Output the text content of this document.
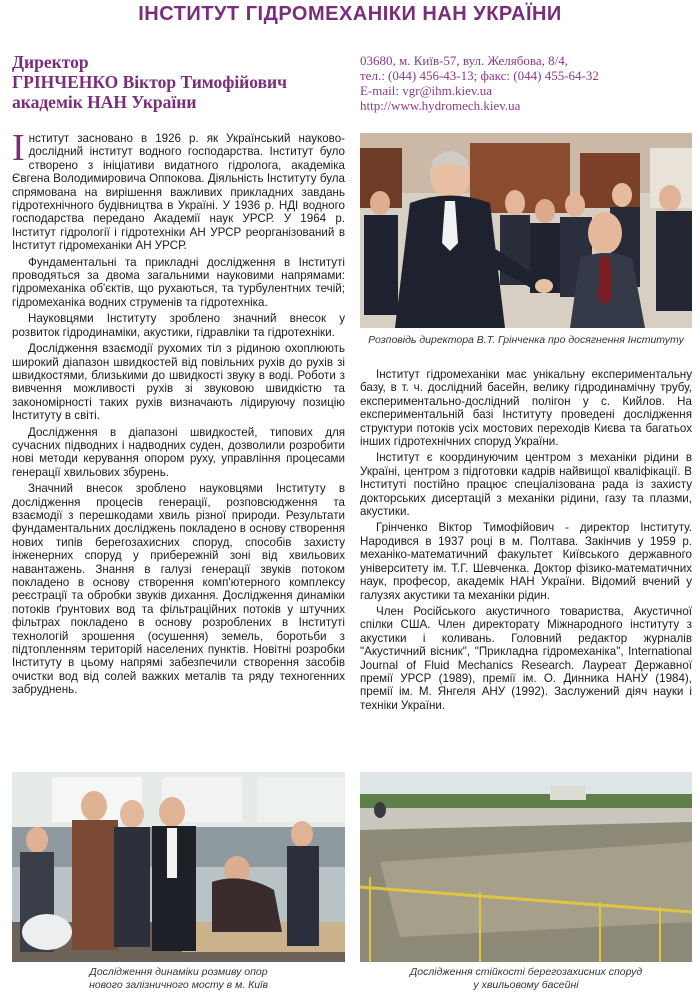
ІНСТИТУТ ГІДРОМЕХАНІКИ НАН УКРАЇНИ
Директор
ГРІНЧЕНКО Віктор Тимофійович
академік НАН України
03680, м. Київ-57, вул. Желябова, 8/4,
тел.: (044) 456-43-13; факс: (044) 455-64-32
E-mail: vgr@ihm.kiev.ua
http://www.hydromech.kiev.ua

Інститут засновано в 1926 р. як Український науково-дослідний інститут водного господарства. Інститут було створено з ініціативи видатного гідролога, академіка Євгена Володимировича Оппокова. Діяльність Інституту була спрямована на вирішення важливих прикладних завдань гідротехнічного будівництва в Україні. У 1936 р. НДІ водного господарства передано Академії наук УРСР. У 1964 р. Інститут гідрології і гідротехніки АН УРСР реорганізований в Інститут гідромеханіки АН УРСР.

Фундаментальні та прикладні дослідження в Інституті проводяться за двома загальними науковими напрямами: гідромеханіка об'єктів, що рухаються, та турбулентних течій; гідромеханіка водних струменів та гідротехніка.

Науковцями Інституту зроблено значний внесок у розвиток гідродинаміки, акустики, гідравліки та гідротехніки.

Дослідження взаємодії рухомих тіл з рідиною охоплюють широкий діапазон швидкостей від повільних рухів до рухів зі швидкостями, близькими до швидкості звуку в воді. Роботи з вивчення можливості рухів зі звуковою швидкістю та закономірності таких рухів визначають лідируючу позицію Інституту в світі.

Дослідження в діапазоні швидкостей, типових для сучасних підводних і надводних суден, дозволили розробити нові методи керування опором руху, управління процесами генерації хвильових збурень.

Значний внесок зроблено науковцями Інституту в дослідження процесів генерації, розповсюдження та взаємодії з перешкодами хвиль різної природи. Результати фундаментальних досліджень покладено в основу створення нових типів берегозахисних споруд, способів захисту інженерних споруд у прибережній зоні від хвильових навантажень. Знання в галузі генерації звуків потоком покладено в основу створення комп'ютерного комплексу реєстрації та обробки звуків дихання. Дослідження динаміки потоків ґрунтових вод та фільтраційних потоків у штучних фільтрах покладено в основу розроблених в Інституті технологій зрошення (осушення) земель, боротьби з підтопленням територій населених пунктів. Новітні розробки Інституту в цьому напрямі забезпечили створення засобів очистки вод від солей важких металів та ряду техногенних забруднень.

Розповідь директора В.Т. Грінченка про досягнення Інституту

Інститут гідромеханіки має унікальну експериментальну базу, в т. ч. дослідний басейн, велику гідродинамічну трубу, експериментально-дослідний полігон у с. Кийлов. На експериментальній базі Інституту проведені дослідження структури потоків усіх мостових переходів Києва та багатьох інших гідротехнічних споруд України.

Інститут є координуючим центром з механіки рідини в Україні, центром з підготовки кадрів найвищої кваліфікації. В Інституті постійно працює спеціалізована рада із захисту докторських дисертацій з механіки рідини, газу та плазми, акустики.

Грінченко Віктор Тимофійович - директор Інституту. Народився в 1937 році в м. Полтава. Закінчив у 1959 р. механіко-математичний факультет Київського державного університету ім. Т.Г. Шевченка. Доктор фізико-математичних наук, професор, академік НАН України. Відомий вчений у галузях акустики та механіки рідин.

Член Російського акустичного товариства, Акустичної спілки США. Член директорату Міжнародного інституту з акустики і коливань. Головний редактор журналів "Акустичний вісник", "Прикладна гідромеханіка", International Journal of Fluid Mechanics Research. Лауреат Державної премії УРСР (1989), премії ім. О. Динника НАНУ (1984), премії ім. М. Янгеля АНУ (1992). Заслужений діяч науки і техніки України.

Дослідження динаміки розмиву опор
нового залізничного мосту в м. Київ
Дослідження стійкості берегозахисних споруд
у хвильовому басейні
